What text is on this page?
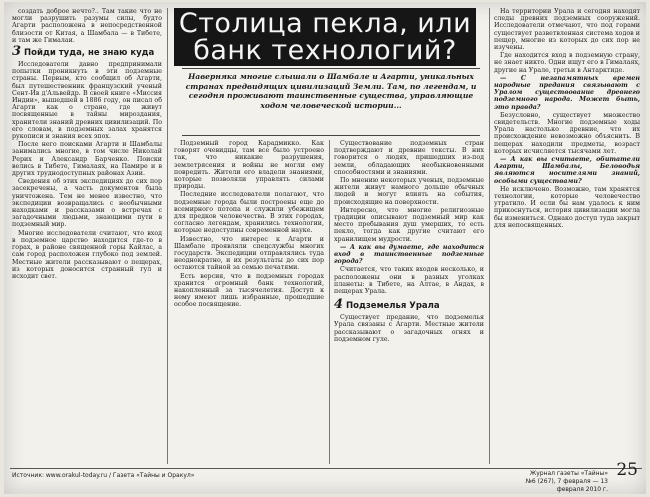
создать доброе нечто?.. Там такие что не могли разрушить разумы силы, будто Агарти расположена в непосредственной близости от Китая, а Шамбала — в Тибете, и там же Гималаи.

3 Пойди туда, не знаю куда

Исследователи давно предпринимали попытки проникнуть в эти подземные страны. Первым, кто сообщил об Агарти, был путешественник французский ученый Сент-Ив д'Альвейдр. В своей книге «Миссия Индии», вышедшей в 1886 году, он писал об Агарти как о стране, где живут посвященные в тайны мироздания, хранители знаний древних цивилизаций. По его словам, в подземных залах хранятся рукописи и знания всех эпох.

После него поисками Агарти и Шамбалы занимались многие, в том числе Николай Рерих и Александр Барченко. Поиски велись в Тибете, Гималаях, на Памире и в других труднодоступных районах Азии.

Сведения об этих экспедициях до сих пор засекречены, а часть документов была уничтожена. Тем не менее известно, что экспедиции возвращались с необычными находками и рассказами о встречах с загадочными людьми, знающими пути в подземный мир.

Многие исследователи считают, что вход в подземное царство находится где-то в горах, в районе священной горы Кайлас, а сам город расположен глубоко под землей. Местные жители рассказывают о пещерах, из которых доносится странный гул и исходит свет.

Столица пекла, или
банк технологий?
Наверняка многие слышали о Шамбале и Агарти, уникальных странах предвидящих цивилизаций Земли. Там, по легендам, и сегодня проживают таинственные существа, управляющие ходом человеческой истории...

Подземный город Карадмикко. Как говорят очевидцы, там все было устроено так, что никакие разрушения, землетрясения и войны не могли ему повредить. Жители его владели знаниями, которые позволяли управлять силами природы.

Последние исследователи полагают, что подземные города были построены еще до всемирного потопа и служили убежищем для предков человечества. В этих городах, согласно легендам, хранились технологии, которые недоступны современной науке.

Известно, что интерес к Агарти и Шамбале проявляли спецслужбы многих государств. Экспедиции отправлялись туда неоднократно, и их результаты до сих пор остаются тайной за семью печатями.

Есть версия, что в подземных городах хранится огромный банк технологий, накопленный за тысячелетия. Доступ к нему имеют лишь избранные, прошедшие особое посвящение.

Существование подземных стран подтверждают и древние тексты. В них говорится о людях, пришедших из-под земли, обладающих необыкновенными способностями и знаниями.

По мнению некоторых ученых, подземные жители живут намного дольше обычных людей и могут влиять на события, происходящие на поверхности.

Интересно, что многие религиозные традиции описывают подземный мир как место пребывания душ умерших, то есть пекло, тогда как другие считают его хранилищем мудрости.

— А как вы думаете, где находится вход в таинственные подземные города?

Считается, что таких входов несколько, и расположены они в разных уголках планеты: в Тибете, на Алтае, в Андах, в пещерах Урала.

4 Подземелья Урала

Существует предание, что подземелья Урала связаны с Агарти. Местные жители рассказывают о загадочных огнях и подземном гуле.

На территории Урала и сегодня находят следы древних подземных сооружений. Исследователи отмечают, что под горами существует разветвленная система ходов и пещер, многие из которых до сих пор не изучены.

Где находится вход в подземную страну, не знает никто. Одни ищут его в Гималаях, другие на Урале, третьи в Антарктиде.

— С незапамятных времен народные предания связывают с Уралом существование древнего подземного народа. Может быть, это правда?

Безусловно, существует множество свидетельств. Многие подземные ходы Урала настолько древние, что их происхождение невозможно объяснить. В пещерах находили предметы, возраст которых исчисляется тысячами лет.

— А как вы считаете, обитатели Агарти, Шамбалы, Беловодья являются носителями знаний, особыми существами?

Не исключено. Возможно, там хранятся технологии, которые человечество утратило. И если бы нам удалось к ним прикоснуться, история цивилизации могла бы измениться. Однако доступ туда закрыт для непосвященных.

Источник: www.orakul-today.ru / Газета «Тайны и Оракул»	Журнал газеты «Тайны»
№6 (267), 7 февраля — 13 февраля 2010 г.
25
